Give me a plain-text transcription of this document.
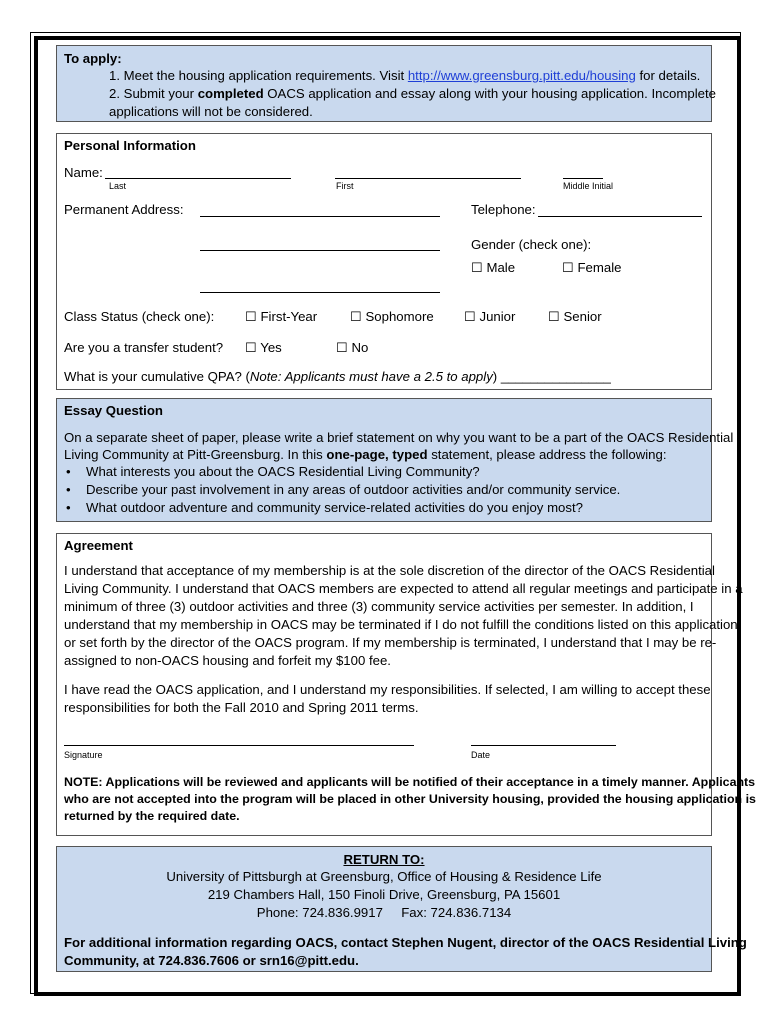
To apply:
1. Meet the housing application requirements. Visit http://www.greensburg.pitt.edu/housing for details.
2. Submit your completed OACS application and essay along with your housing application. Incomplete
applications will not be considered.
Personal Information
Name:
Last	First	Middle Initial
Permanent Address:	Telephone:
Gender (check one):
☐ Male	☐ Female
Class Status (check one): ☐ First-Year ☐ Sophomore ☐ Junior ☐ Senior
Are you a transfer student? ☐ Yes	☐ No
What is your cumulative QPA? (Note: Applicants must have a 2.5 to apply) _______________
Essay Question
On a separate sheet of paper, please write a brief statement on why you want to be a part of the OACS Residential
Living Community at Pitt-Greensburg. In this one-page, typed statement, please address the following:
• What interests you about the OACS Residential Living Community?
• Describe your past involvement in any areas of outdoor activities and/or community service.
• What outdoor adventure and community service-related activities do you enjoy most?
Agreement
I understand that acceptance of my membership is at the sole discretion of the director of the OACS Residential
Living Community. I understand that OACS members are expected to attend all regular meetings and participate in a
minimum of three (3) outdoor activities and three (3) community service activities per semester. In addition, I
understand that my membership in OACS may be terminated if I do not fulfill the conditions listed on this application
or set forth by the director of the OACS program. If my membership is terminated, I understand that I may be re-
assigned to non-OACS housing and forfeit my $100 fee.
I have read the OACS application, and I understand my responsibilities. If selected, I am willing to accept these
responsibilities for both the Fall 2010 and Spring 2011 terms.
Signature	Date
NOTE: Applications will be reviewed and applicants will be notified of their acceptance in a timely manner. Applicants
who are not accepted into the program will be placed in other University housing, provided the housing application is
returned by the required date.
RETURN TO:
University of Pittsburgh at Greensburg, Office of Housing & Residence Life
219 Chambers Hall, 150 Finoli Drive, Greensburg, PA 15601
Phone: 724.836.9917     Fax: 724.836.7134
For additional information regarding OACS, contact Stephen Nugent, director of the OACS Residential Living
Community, at 724.836.7606 or srn16@pitt.edu.
